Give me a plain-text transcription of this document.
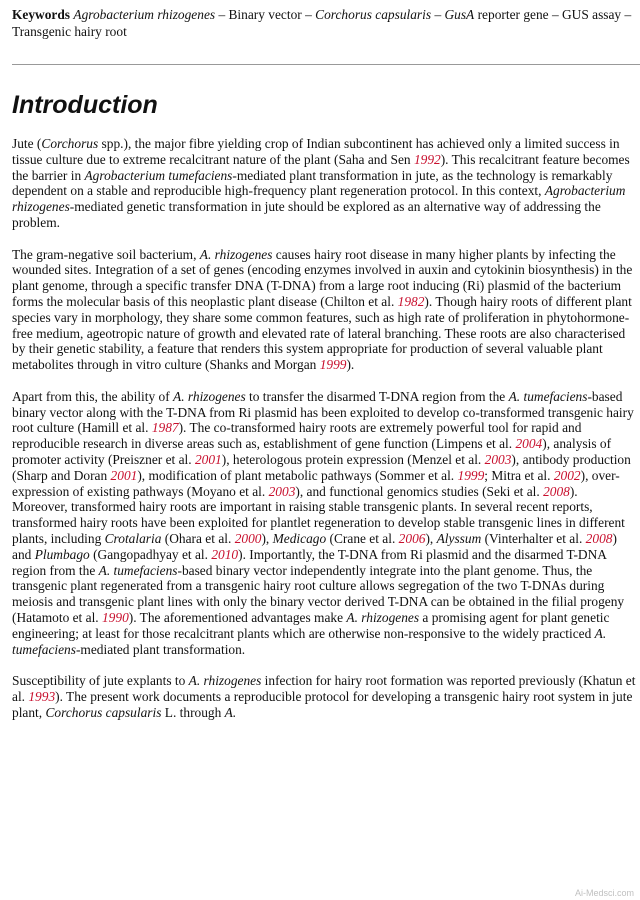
Keywords Agrobacterium rhizogenes – Binary vector – Corchorus capsularis – GusA reporter gene – GUS assay – Transgenic hairy root
Introduction

Jute (Corchorus spp.), the major fibre yielding crop of Indian subcontinent has achieved only a limited success in tissue culture due to extreme recalcitrant nature of the plant (Saha and Sen 1992). This recalcitrant feature becomes the barrier in Agrobacterium tumefaciens-mediated plant transformation in jute, as the technology is remarkably dependent on a stable and reproducible high-frequency plant regeneration protocol. In this context, Agrobacterium rhizogenes-mediated genetic transformation in jute should be explored as an alternative way of addressing the problem.

The gram-negative soil bacterium, A. rhizogenes causes hairy root disease in many higher plants by infecting the wounded sites. Integration of a set of genes (encoding enzymes involved in auxin and cytokinin biosynthesis) in the plant genome, through a specific transfer DNA (T-DNA) from a large root inducing (Ri) plasmid of the bacterium forms the molecular basis of this neoplastic plant disease (Chilton et al. 1982). Though hairy roots of different plant species vary in morphology, they share some common features, such as high rate of proliferation in phytohormone-free medium, ageotropic nature of growth and elevated rate of lateral branching. These roots are also characterised by their genetic stability, a feature that renders this system appropriate for production of several valuable plant metabolites through in vitro culture (Shanks and Morgan 1999).

Apart from this, the ability of A. rhizogenes to transfer the disarmed T-DNA region from the A. tumefaciens-based binary vector along with the T-DNA from Ri plasmid has been exploited to develop co-transformed transgenic hairy root culture (Hamill et al. 1987). The co-transformed hairy roots are extremely powerful tool for rapid and reproducible research in diverse areas such as, establishment of gene function (Limpens et al. 2004), analysis of promoter activity (Preiszner et al. 2001), heterologous protein expression (Menzel et al. 2003), antibody production (Sharp and Doran 2001), modification of plant metabolic pathways (Sommer et al. 1999; Mitra et al. 2002), over-expression of existing pathways (Moyano et al. 2003), and functional genomics studies (Seki et al. 2008). Moreover, transformed hairy roots are important in raising stable transgenic plants. In several recent reports, transformed hairy roots have been exploited for plantlet regeneration to develop stable transgenic lines in different plants, including Crotalaria (Ohara et al. 2000), Medicago (Crane et al. 2006), Alyssum (Vinterhalter et al. 2008) and Plumbago (Gangopadhyay et al. 2010). Importantly, the T-DNA from Ri plasmid and the disarmed T-DNA region from the A. tumefaciens-based binary vector independently integrate into the plant genome. Thus, the transgenic plant regenerated from a transgenic hairy root culture allows segregation of the two T-DNAs during meiosis and transgenic plant lines with only the binary vector derived T-DNA can be obtained in the filial progeny (Hatamoto et al. 1990). The aforementioned advantages make A. rhizogenes a promising agent for plant genetic engineering; at least for those recalcitrant plants which are otherwise non-responsive to the widely practiced A. tumefaciens-mediated plant transformation.

Susceptibility of jute explants to A. rhizogenes infection for hairy root formation was reported previously (Khatun et al. 1993). The present work documents a reproducible protocol for developing a transgenic hairy root system in jute plant, Corchorus capsularis L. through A.

Ai-Medsci.com
